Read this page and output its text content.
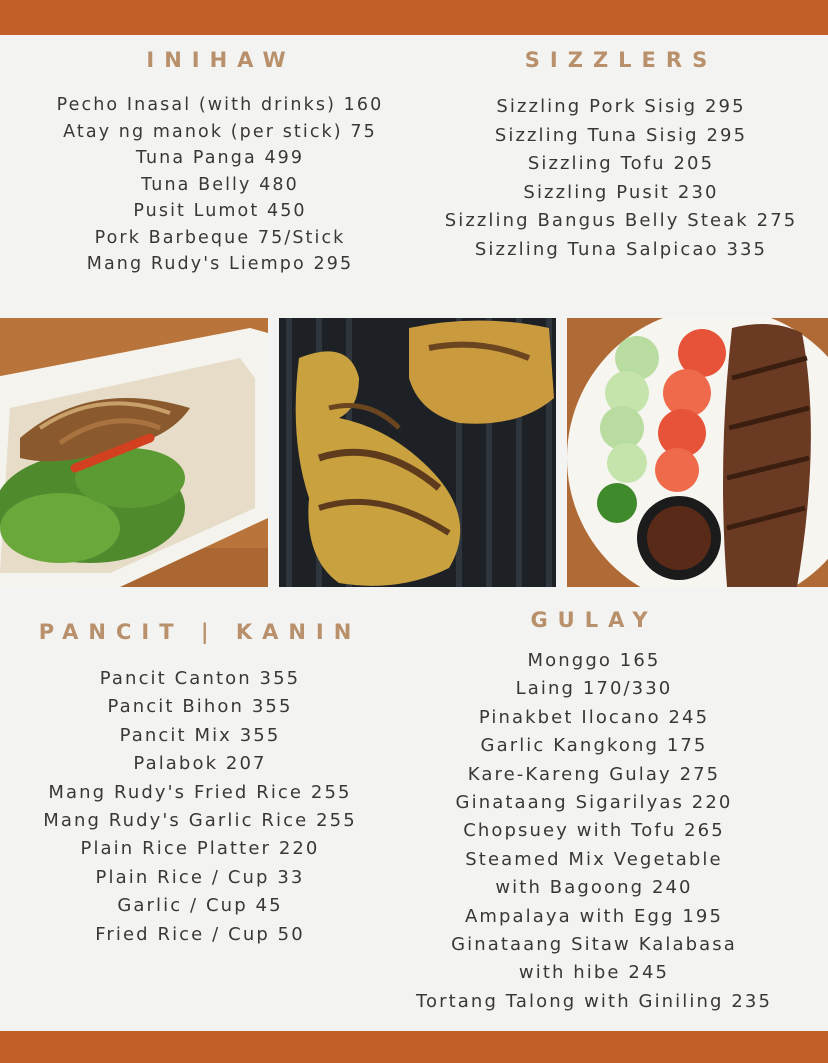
INIHAW
Pecho Inasal (with drinks) 160
Atay ng manok (per stick) 75
Tuna Panga 499
Tuna Belly 480
Pusit Lumot 450
Pork Barbeque 75/Stick
Mang Rudy's Liempo 295
SIZZLERS
Sizzling Pork Sisig 295
Sizzling Tuna Sisig 295
Sizzling Tofu 205
Sizzling Pusit 230
Sizzling Bangus Belly Steak 275
Sizzling Tuna Salpicao 335
PANCIT | KANIN
Pancit Canton 355
Pancit Bihon 355
Pancit Mix 355
Palabok 207
Mang Rudy's Fried Rice 255
Mang Rudy's Garlic Rice 255
Plain Rice Platter 220
Plain Rice / Cup 33
Garlic / Cup 45
Fried Rice / Cup 50
GULAY
Monggo 165
Laing 170/330
Pinakbet Ilocano 245
Garlic Kangkong 175
Kare-Kareng Gulay 275
Ginataang Sigarilyas 220
Chopsuey with Tofu 265
Steamed Mix Vegetable
with Bagoong 240
Ampalaya with Egg 195
Ginataang Sitaw Kalabasa
with hibe 245
Tortang Talong with Giniling 235
